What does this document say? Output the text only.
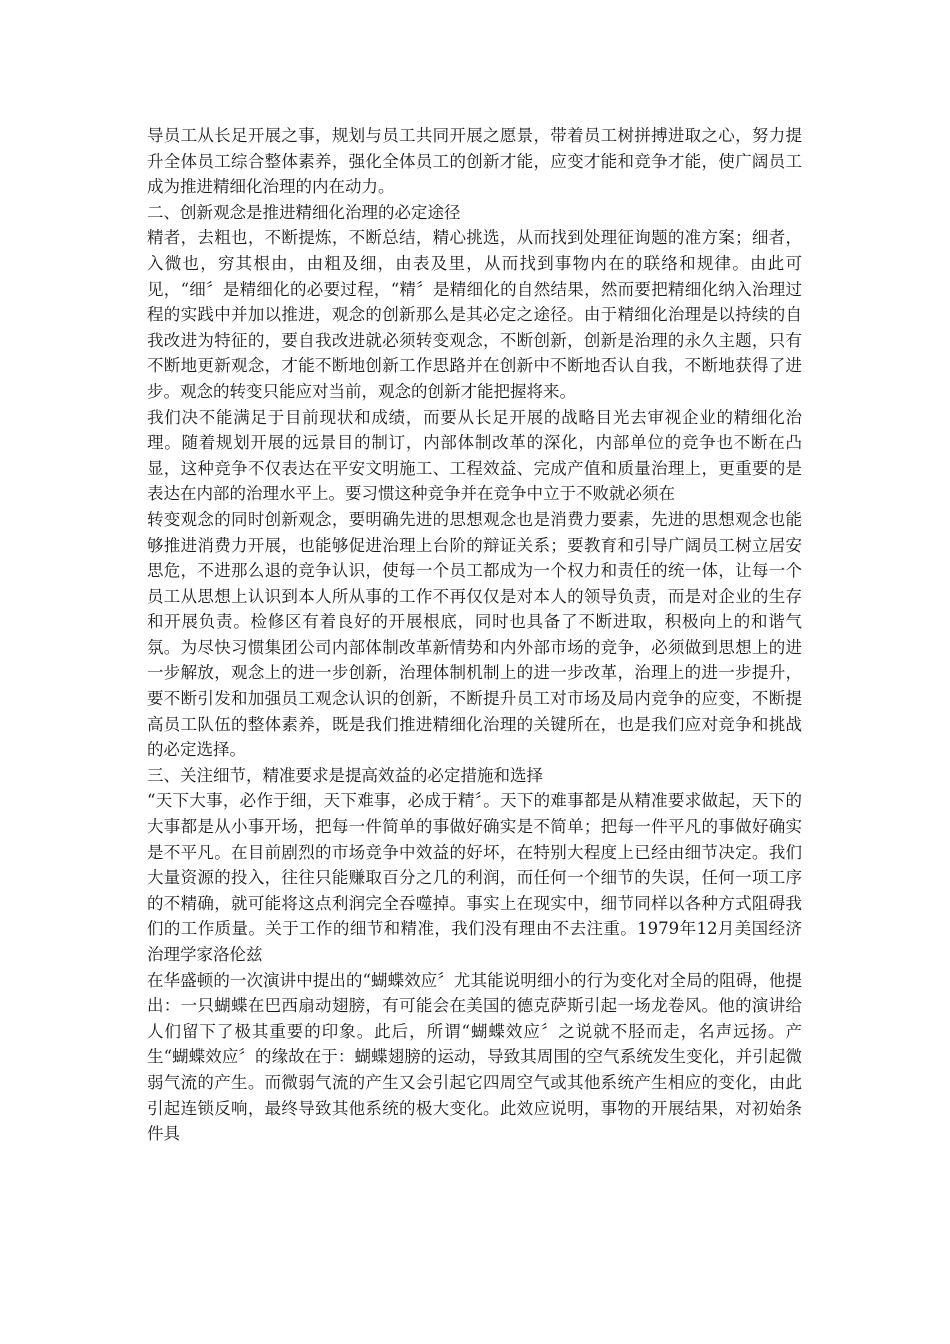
导员工从长足开展之事，规划与员工共同开展之愿景，带着员工树拼搏进取之心，努力提升全体员工综合整体素养，强化全体员工的创新才能，应变才能和竞争才能，使广阔员工成为推进精细化治理的内在动力。

二、创新观念是推进精细化治理的必定途径

精者，去粗也，不断提炼，不断总结，精心挑选，从而找到处理征询题的准方案；细者，入微也，穷其根由，由粗及细，由表及里，从而找到事物内在的联络和规律。由此可见，“细〞是精细化的必要过程，“精〞是精细化的自然结果，然而要把精细化纳入治理过程的实践中并加以推进，观念的创新那么是其必定之途径。由于精细化治理是以持续的自我改进为特征的，要自我改进就必须转变观念，不断创新，创新是治理的永久主题，只有不断地更新观念，才能不断地创新工作思路并在创新中不断地否认自我，不断地获得了进步。观念的转变只能应对当前，观念的创新才能把握将来。

我们决不能满足于目前现状和成绩，而要从长足开展的战略目光去审视企业的精细化治理。随着规划开展的远景目的制订，内部体制改革的深化，内部单位的竞争也不断在凸显，这种竞争不仅表达在平安文明施工、工程效益、完成产值和质量治理上，更重要的是表达在内部的治理水平上。要习惯这种竞争并在竞争中立于不败就必须在

转变观念的同时创新观念，要明确先进的思想观念也是消费力要素，先进的思想观念也能够推进消费力开展，也能够促进治理上台阶的辩证关系；要教育和引导广阔员工树立居安思危，不进那么退的竞争认识，使每一个员工都成为一个权力和责任的统一体，让每一个员工从思想上认识到本人所从事的工作不再仅仅是对本人的领导负责，而是对企业的生存和开展负责。检修区有着良好的开展根底，同时也具备了不断进取，积极向上的和谐气氛。为尽快习惯集团公司内部体制改革新情势和内外部市场的竞争，必须做到思想上的进一步解放，观念上的进一步创新，治理体制机制上的进一步改革，治理上的进一步提升，要不断引发和加强员工观念认识的创新，不断提升员工对市场及局内竞争的应变，不断提高员工队伍的整体素养，既是我们推进精细化治理的关键所在，也是我们应对竞争和挑战的必定选择。

三、关注细节，精准要求是提高效益的必定措施和选择

“天下大事，必作于细，天下难事，必成于精〞。天下的难事都是从精准要求做起，天下的大事都是从小事开场，把每一件简单的事做好确实是不简单；把每一件平凡的事做好确实是不平凡。在目前剧烈的市场竞争中效益的好坏，在特别大程度上已经由细节决定。我们大量资源的投入，往往只能赚取百分之几的利润，而任何一个细节的失误，任何一项工序的不精确，就可能将这点利润完全吞噬掉。事实上在现实中，细节同样以各种方式阻碍我们的工作质量。关于工作的细节和精准，我们没有理由不去注重。1979年12月美国经济治理学家洛伦兹

在华盛顿的一次演讲中提出的“蝴蝶效应〞尤其能说明细小的行为变化对全局的阻碍，他提出：一只蝴蝶在巴西扇动翅膀，有可能会在美国的德克萨斯引起一场龙卷风。他的演讲给人们留下了极其重要的印象。此后，所谓“蝴蝶效应〞之说就不胫而走，名声远扬。产生“蝴蝶效应〞的缘故在于：蝴蝶翅膀的运动，导致其周围的空气系统发生变化，并引起微弱气流的产生。而微弱气流的产生又会引起它四周空气或其他系统产生相应的变化，由此引起连锁反响，最终导致其他系统的极大变化。此效应说明，事物的开展结果，对初始条件具
